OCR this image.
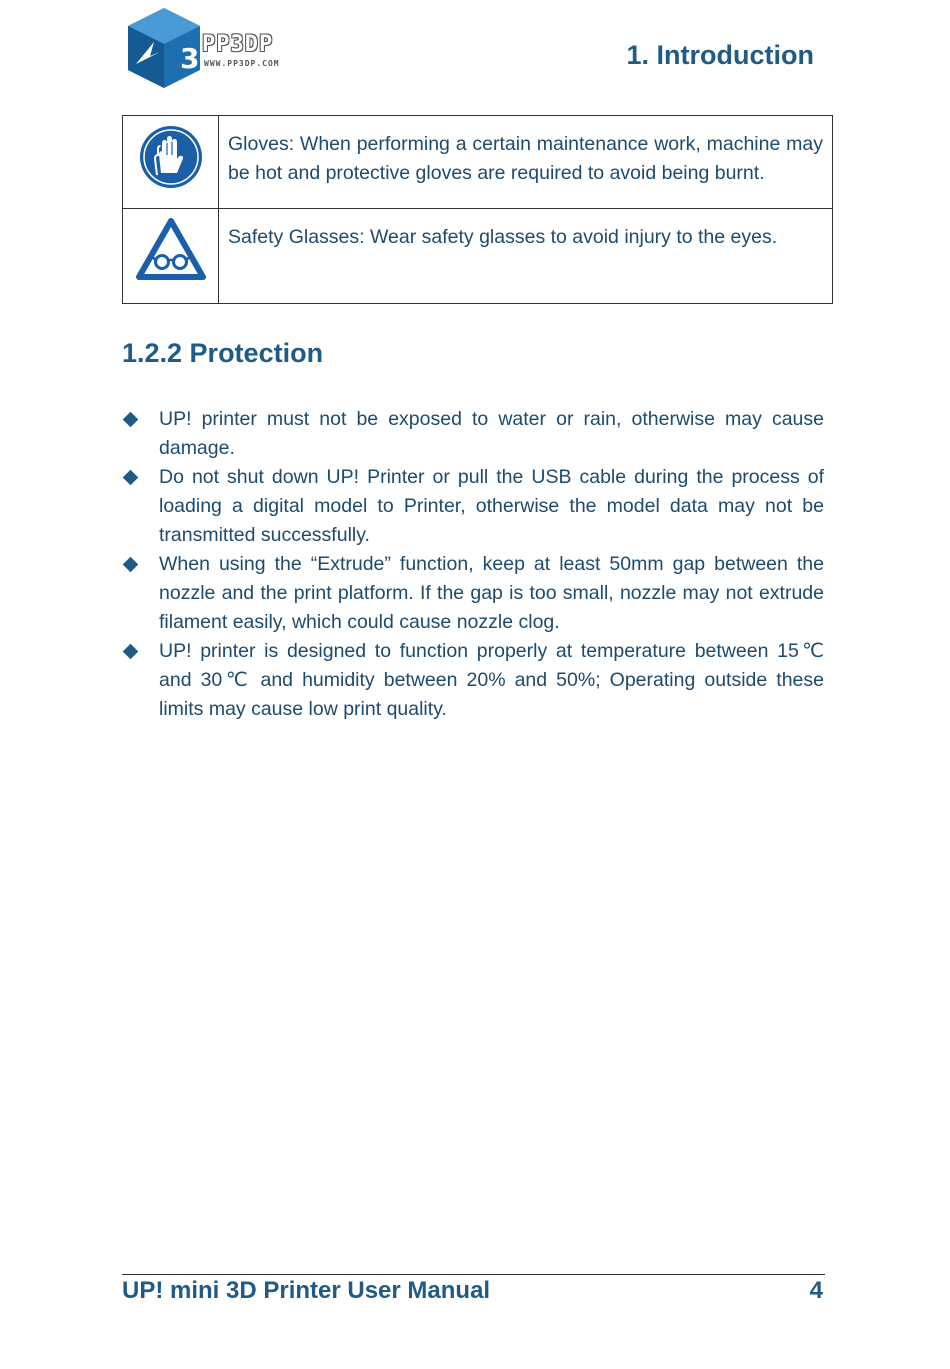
3 PP3DP
WWW.PP3DP.COM	1. Introduction
	Gloves: When performing a certain maintenance work, machine may be hot and protective gloves are required to avoid being burnt.

	Safety Glasses: Wear safety glasses to avoid injury to the eyes.
1.2.2 Protection
UP! printer must not be exposed to water or rain, otherwise may cause damage.
Do not shut down UP! Printer or pull the USB cable during the process of loading a digital model to Printer, otherwise the model data may not be transmitted successfully.
When using the “Extrude” function, keep at least 50mm gap between the nozzle and the print platform. If the gap is too small, nozzle may not extrude filament easily, which could cause nozzle clog.
UP! printer is designed to function properly at temperature between 15℃ and 30℃ and humidity between 20% and 50%; Operating outside these limits may cause low print quality.
UP! mini 3D Printer User Manual	4
